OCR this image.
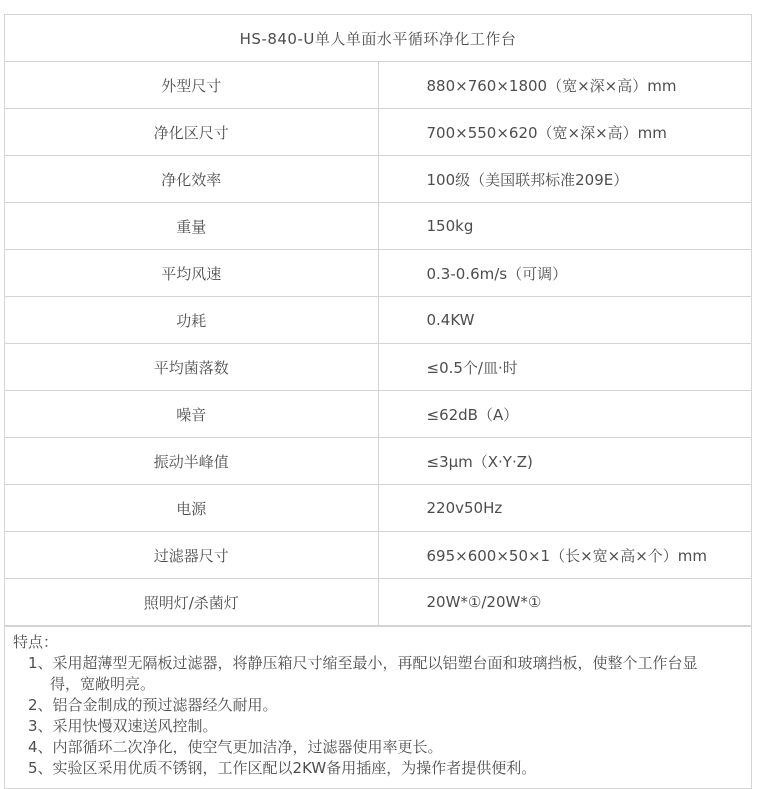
HS-840-U单人单面水平循环净化工作台	
外型尺寸	880×760×1800（宽×深×高）mm
净化区尺寸	700×550×620（宽×深×高）mm
净化效率	100级（美国联邦标准209E）
重量	150kg
平均风速	0.3-0.6m/s（可调）
功耗	0.4KW
平均菌落数	≤0.5个/皿·时
噪音	≤62dB（A）
振动半峰值	≤3μm（X·Y·Z)
电源	220v50Hz
过滤器尺寸	695×600×50×1（长×宽×高×个）mm
照明灯/杀菌灯	20W*①/20W*①
特点：
1、采用超薄型无隔板过滤器，将静压箱尺寸缩至最小，再配以铝塑台面和玻璃挡板，使整个工作台显得，宽敞明亮。
2、铝合金制成的预过滤器经久耐用。
3、采用快慢双速送风控制。
4、内部循环二次净化，使空气更加洁净，过滤器使用率更长。
5、实验区采用优质不锈钢，工作区配以2KW备用插座，为操作者提供便利。
